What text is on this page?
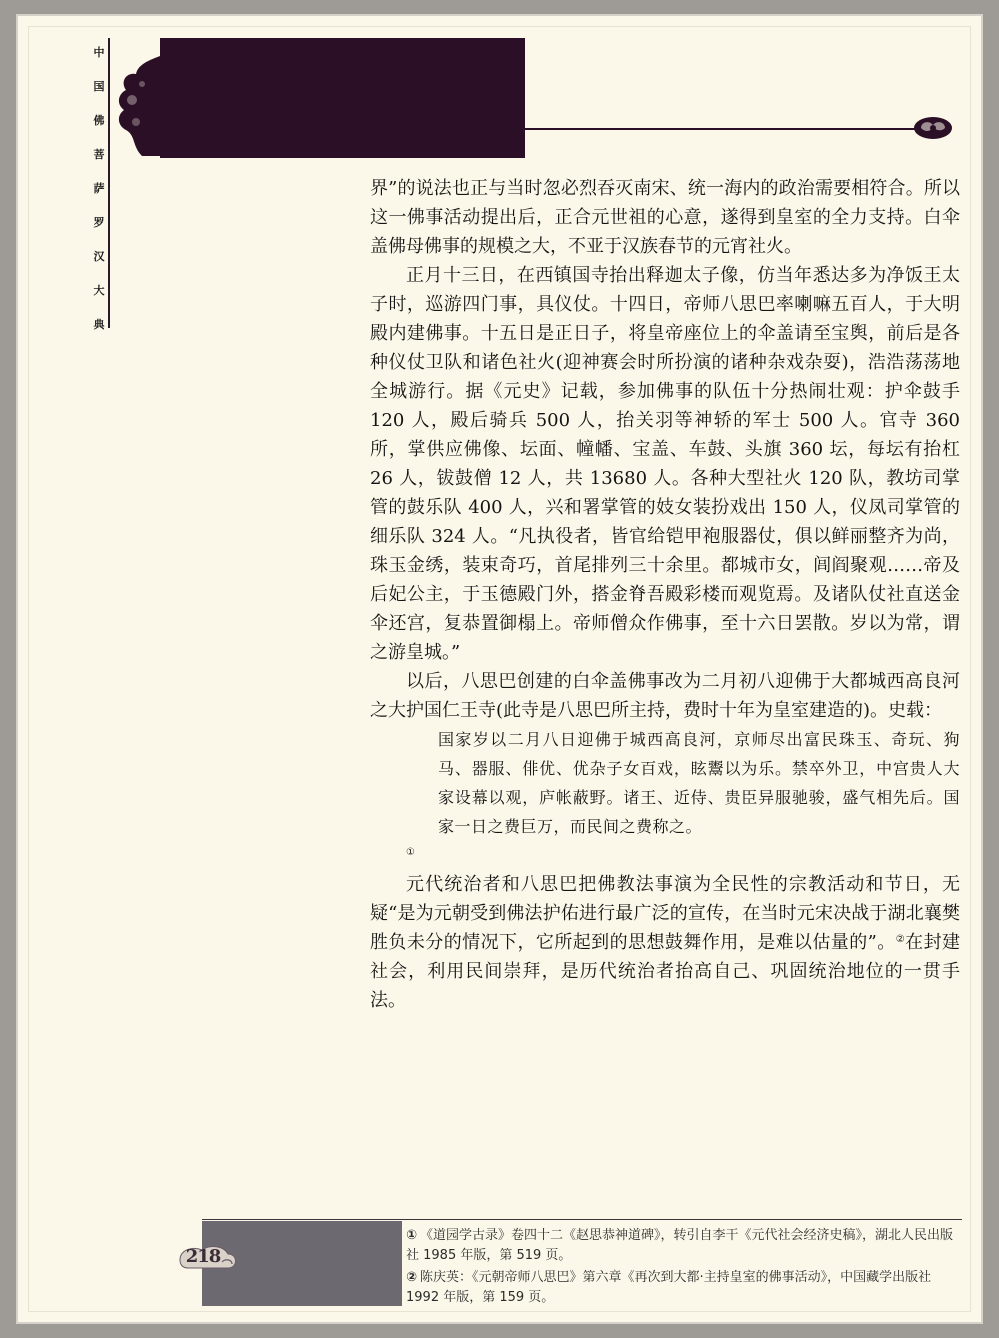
中
国
佛
菩
萨
罗
汉
大
典

界”的说法也正与当时忽必烈吞灭南宋、统一海内的政治需要相符合。所以这一佛事活动提出后，正合元世祖的心意，遂得到皇室的全力支持。白伞盖佛母佛事的规模之大，不亚于汉族春节的元宵社火。

正月十三日，在西镇国寺抬出释迦太子像，仿当年悉达多为净饭王太子时，巡游四门事，具仪仗。十四日，帝师八思巴率喇嘛五百人，于大明殿内建佛事。十五日是正日子，将皇帝座位上的伞盖请至宝舆，前后是各种仪仗卫队和诸色社火(迎神赛会时所扮演的诸种杂戏杂耍)，浩浩荡荡地全城游行。据《元史》记载，参加佛事的队伍十分热闹壮观：护伞鼓手 120 人，殿后骑兵 500 人，抬关羽等神轿的军士 500 人。官寺 360 所，掌供应佛像、坛面、幢幡、宝盖、车鼓、头旗 360 坛，每坛有抬杠 26 人，钹鼓僧 12 人，共 13680 人。各种大型社火 120 队，教坊司掌管的鼓乐队 400 人，兴和署掌管的妓女装扮戏出 150 人，仪凤司掌管的细乐队 324 人。“凡执役者，皆官给铠甲袍服器仗，俱以鲜丽整齐为尚，珠玉金绣，装束奇巧，首尾排列三十余里。都城市女，闾阎聚观……帝及后妃公主，于玉德殿门外，搭金脊吾殿彩楼而观览焉。及诸队仗社直送金伞还宫，复恭置御榻上。帝师僧众作佛事，至十六日罢散。岁以为常，谓之游皇城。”

以后，八思巴创建的白伞盖佛事改为二月初八迎佛于大都城西高良河之大护国仁王寺(此寺是八思巴所主持，费时十年为皇室建造的)。史载：

国家岁以二月八日迎佛于城西高良河，京师尽出富民珠玉、奇玩、狗马、器服、俳优、优杂子女百戏，眩鬻以为乐。禁卒外卫，中宫贵人大家设幕以观，庐帐蔽野。诸王、近侍、贵臣异服驰骏，盛气相先后。国家一日之费巨万，而民间之费称之。①

元代统治者和八思巴把佛教法事演为全民性的宗教活动和节日，无疑“是为元朝受到佛法护佑进行最广泛的宣传，在当时元宋决战于湖北襄樊胜负未分的情况下，它所起到的思想鼓舞作用，是难以估量的”。②在封建社会，利用民间崇拜，是历代统治者抬高自己、巩固统治地位的一贯手法。

218

① 《道园学古录》卷四十二《赵思恭神道碑》，转引自李干《元代社会经济史稿》，湖北人民出版社 1985 年版，第 519 页。

② 陈庆英：《元朝帝师八思巴》第六章《再次到大都·主持皇室的佛事活动》，中国藏学出版社 1992 年版，第 159 页。
